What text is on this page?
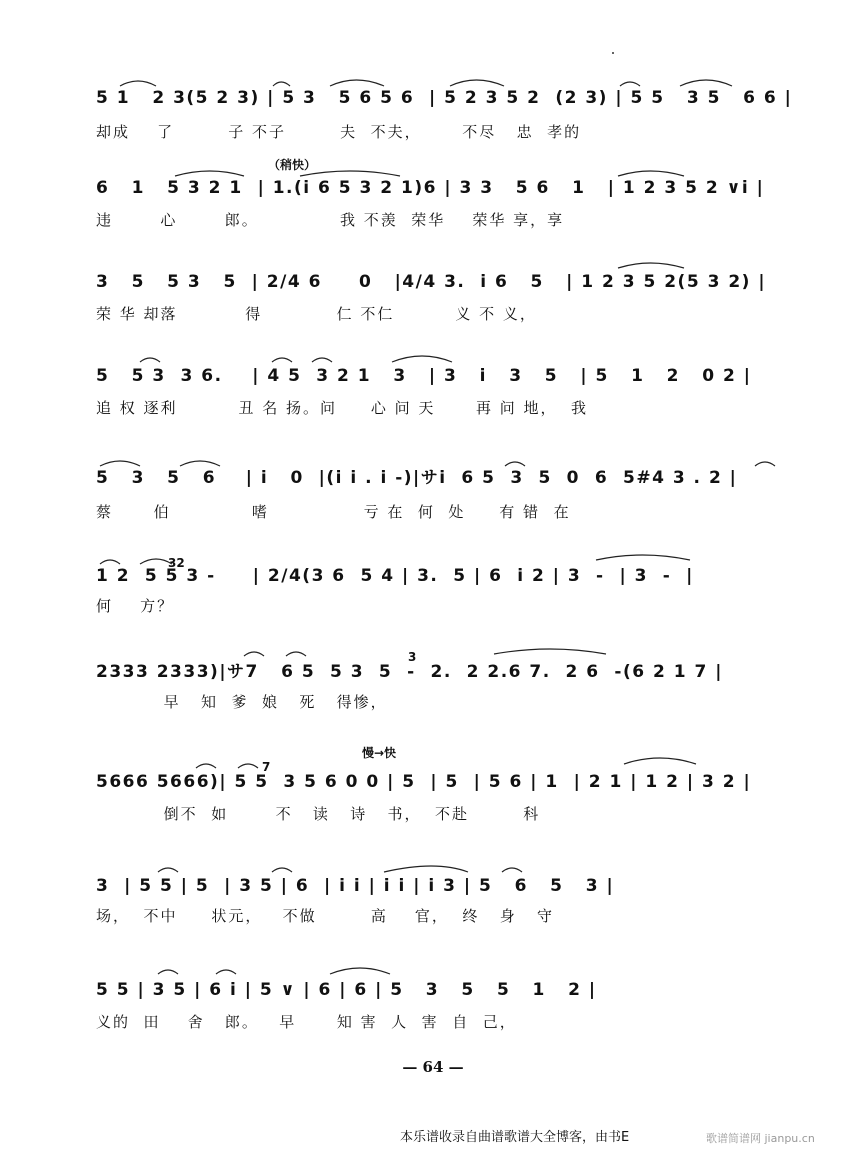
5 1   2 3(5 2 3) | 5 3   5 6 5 6  | 5 2 3 5 2  (2 3) | 5 5   3 5   6 6 |
却成    了        子 不子        夫  不夫，      不尽   忠  孝的
（稍快）
6   1   5 3 2 1  | 1.(i 6 5 3 2 1)6 | 3 3   5 6   1   | 1 2 3 5 2 ∨i |
违       心       郎。            我 不羡  荣华    荣华 享，享
3   5   5 3   5  | 2/4 6     0   |4/4 3.  i 6   5   | 1 2 3 5 2(5 3 2) |
荣 华 却落          得           仁 不仁         义 不 义，
5   5 3  3 6.    | 4 5  3 2 1   3   | 3   i   3   5   | 5   1   2   0 2 |
追 权 逐利         丑 名 扬。问     心 问 天      再 问 地，  我
5   3   5   6    | i   0  |(i i . i -)|サi  6 5  3  5  0  6  5#4 3 . 2 |
蔡      伯            嗜              亏 在  何  处     有 错  在
32
1 2  5 5 3 -     | 2/4(3 6  5 4 | 3.  5 | 6  i 2 | 3  -  | 3  -  |
何    方？
3
2333 2333)|サ7   6 5  5 3  5  -  2.  2 2.6 7.  2 6  -(6 2 1 7 |
早   知  爹  娘   死   得惨，
慢→快
7
5666 5666)| 5 5  3 5 6 0 0 | 5  | 5  | 5 6 | 1  | 2 1 | 1 2 | 3 2 |
倒不  如       不   读   诗   书，  不赴        科
3  | 5 5 | 5  | 3 5 | 6  | i i | i i | i 3 | 5   6   5   3 |
场，  不中     状元，   不做        高    官，  终   身   守
5 5 | 3 5 | 6 i | 5 ∨ | 6 | 6 | 5   3   5   5   1   2 |
义的  田    舍   郎。   早      知 害  人  害  自  己，
— 64 —
本乐谱收录自曲谱歌谱大全博客，由书E	歌谱简谱网 jianpu.cn
